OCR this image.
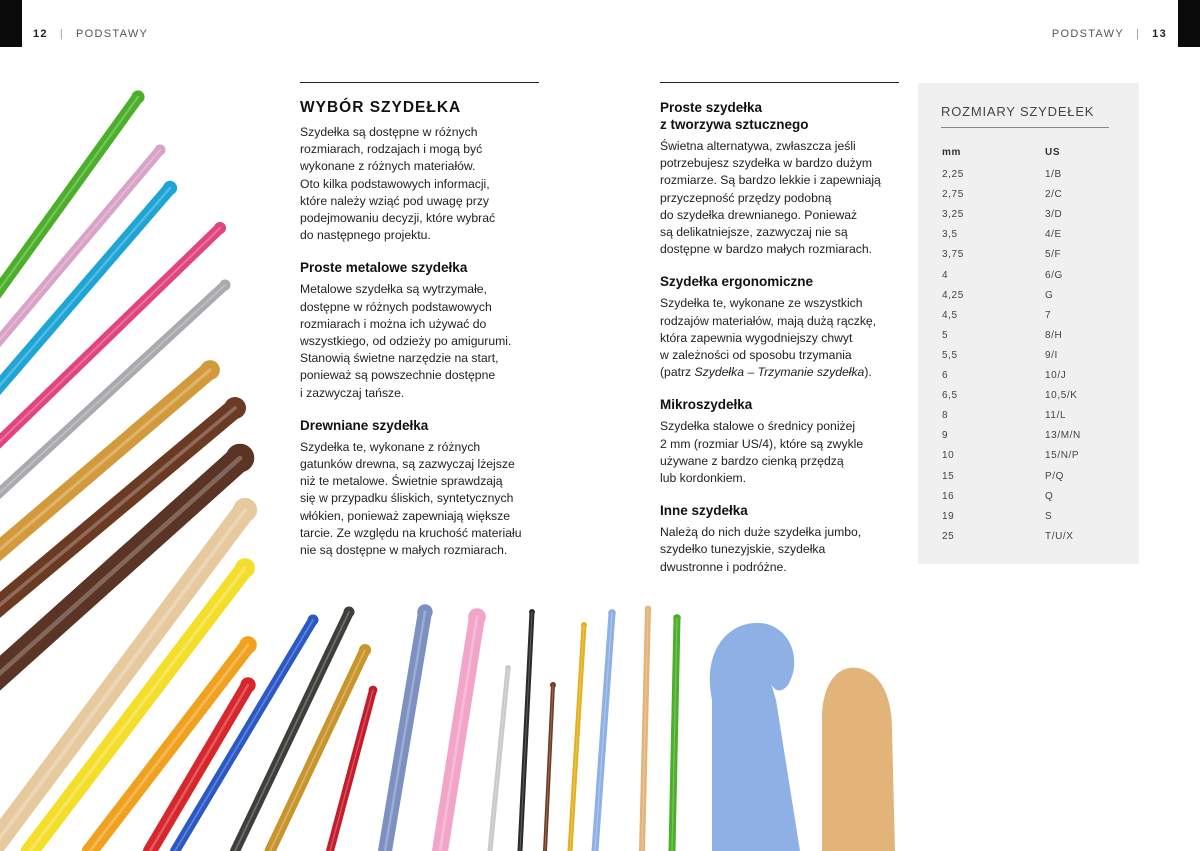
12 | PODSTAWY	PODSTAWY | 13
WYBÓR SZYDEŁKA

Szydełka są dostępne w różnych
rozmiarach, rodzajach i mogą być
wykonane z różnych materiałów.
Oto kilka podstawowych informacji,
które należy wziąć pod uwagę przy
podejmowaniu decyzji, które wybrać
do następnego projektu.

Proste metalowe szydełka

Metalowe szydełka są wytrzymałe,
dostępne w różnych podstawowych
rozmiarach i można ich używać do
wszystkiego, od odzieży po amigurumi.
Stanowią świetne narzędzie na start,
ponieważ są powszechnie dostępne
i zazwyczaj tańsze.

Drewniane szydełka

Szydełka te, wykonane z różnych
gatunków drewna, są zazwyczaj lżejsze
niż te metalowe. Świetnie sprawdzają
się w przypadku śliskich, syntetycznych
włókien, ponieważ zapewniają większe
tarcie. Ze względu na kruchość materiału
nie są dostępne w małych rozmiarach.

Proste szydełka
z tworzywa sztucznego

Świetna alternatywa, zwłaszcza jeśli
potrzebujesz szydełka w bardzo dużym
rozmiarze. Są bardzo lekkie i zapewniają
przyczepność przędzy podobną
do szydełka drewnianego. Ponieważ
są delikatniejsze, zazwyczaj nie są
dostępne w bardzo małych rozmiarach.

Szydełka ergonomiczne

Szydełka te, wykonane ze wszystkich
rodzajów materiałów, mają dużą rączkę,
która zapewnia wygodniejszy chwyt
w zależności od sposobu trzymania
(patrz Szydełka – Trzymanie szydełka).

Mikroszydełka

Szydełka stalowe o średnicy poniżej
2 mm (rozmiar US/4), które są zwykle
używane z bardzo cienką przędzą
lub kordonkiem.

Inne szydełka

Należą do nich duże szydełka jumbo,
szydełko tunezyjskie, szydełka
dwustronne i podróżne.

ROZMIARY SZYDEŁEK
mm	US
2,25	1/B
2,75	2/C
3,25	3/D
3,5	4/E
3,75	5/F
4	6/G
4,25	G
4,5	7
5	8/H
5,5	9/I
6	10/J
6,5	10,5/K
8	11/L
9	13/M/N
10	15/N/P
15	P/Q
16	Q
19	S
25	T/U/X
